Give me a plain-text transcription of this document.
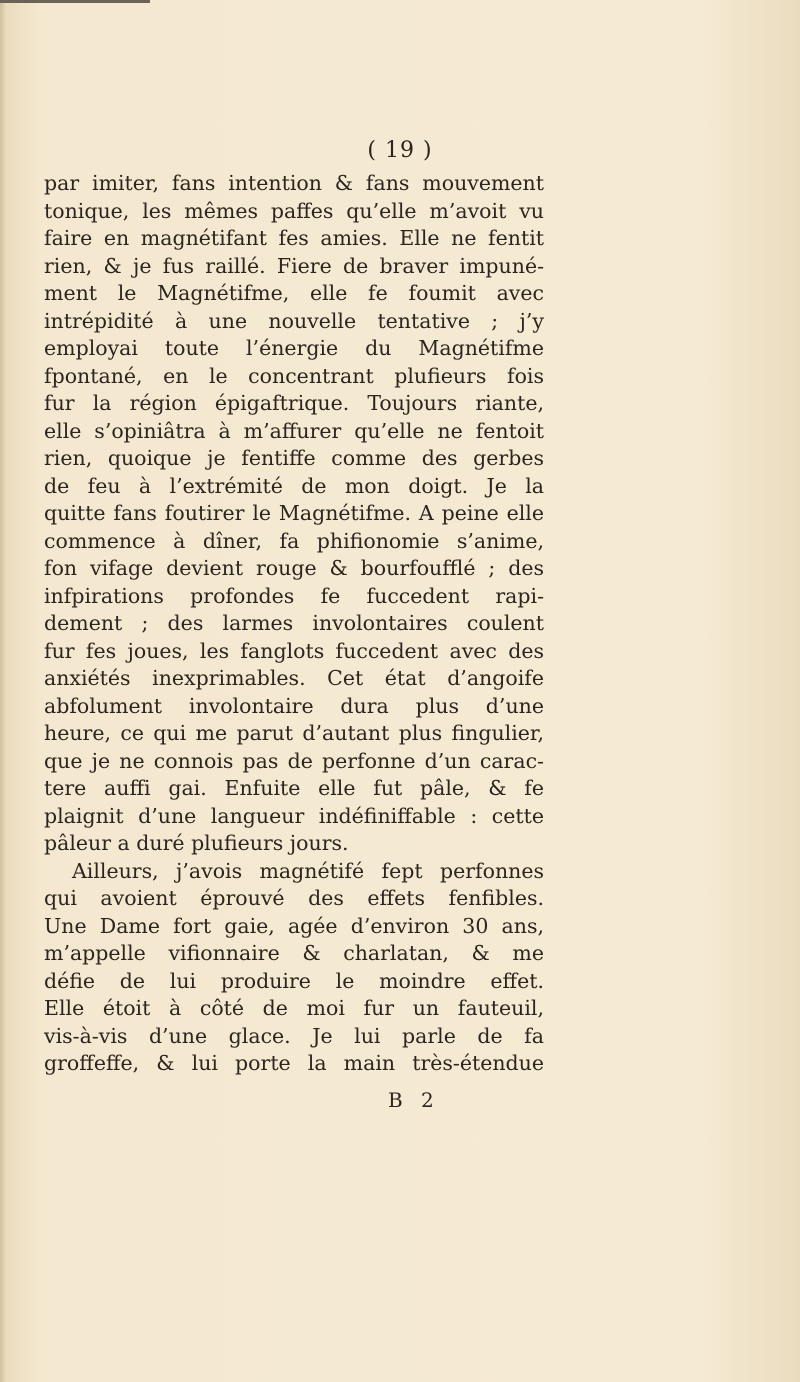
( 19 )
par imiter, fans intention & fans mouvement
tonique, les mêmes paffes qu’elle m’avoit vu
faire en magnétifant fes amies. Elle ne fentit
rien, & je fus raillé. Fiere de braver impuné-
ment le Magnétifme, elle fe foumit avec
intrépidité à une nouvelle tentative ; j’y
employai toute l’énergie du Magnétifme
fpontané, en le concentrant plufieurs fois
fur la région épigaftrique. Toujours riante,
elle s’opiniâtra à m’affurer qu’elle ne fentoit
rien, quoique je fentiffe comme des gerbes
de feu à l’extrémité de mon doigt. Je la
quitte fans foutirer le Magnétifme. A peine elle
commence à dîner, fa phifionomie s’anime,
fon vifage devient rouge & bourfoufflé ; des
infpirations profondes fe fuccedent rapi-
dement ; des larmes involontaires coulent
fur fes joues, les fanglots fuccedent avec des
anxiétés inexprimables. Cet état d’angoife
abfolument involontaire dura plus d’une
heure, ce qui me parut d’autant plus fingulier,
que je ne connois pas de perfonne d’un carac-
tere auffi gai. Enfuite elle fut pâle, & fe
plaignit d’une langueur indéfiniffable : cette
pâleur a duré plufieurs jours.
Ailleurs, j’avois magnétifé fept perfonnes
qui avoient éprouvé des effets fenfibles.
Une Dame fort gaie, agée d’environ 30 ans,
m’appelle vifionnaire & charlatan, & me
défie de lui produire le moindre effet.
Elle étoit à côté de moi fur un fauteuil,
vis-à-vis d’une glace. Je lui parle de fa
groffeffe, & lui porte la main très-étendue
B 2
